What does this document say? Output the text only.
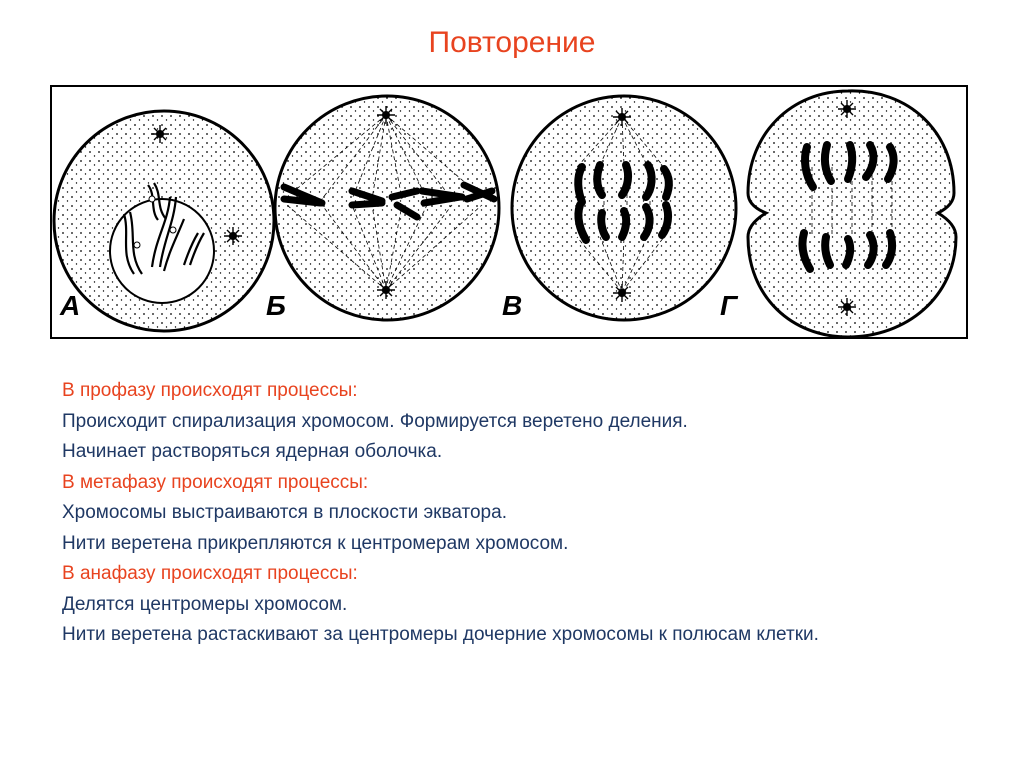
Повторение
А	Б	В	Г
В профазу происходят процессы:
Происходит спирализация хромосом. Формируется веретено деления.
Начинает растворяться ядерная оболочка.
В метафазу происходят процессы:
Хромосомы выстраиваются в плоскости экватора.
Нити веретена прикрепляются к центромерам хромосом.
В анафазу происходят процессы:
Делятся центромеры хромосом.
Нити веретена растаскивают за центромеры дочерние хромосомы к полюсам клетки.
